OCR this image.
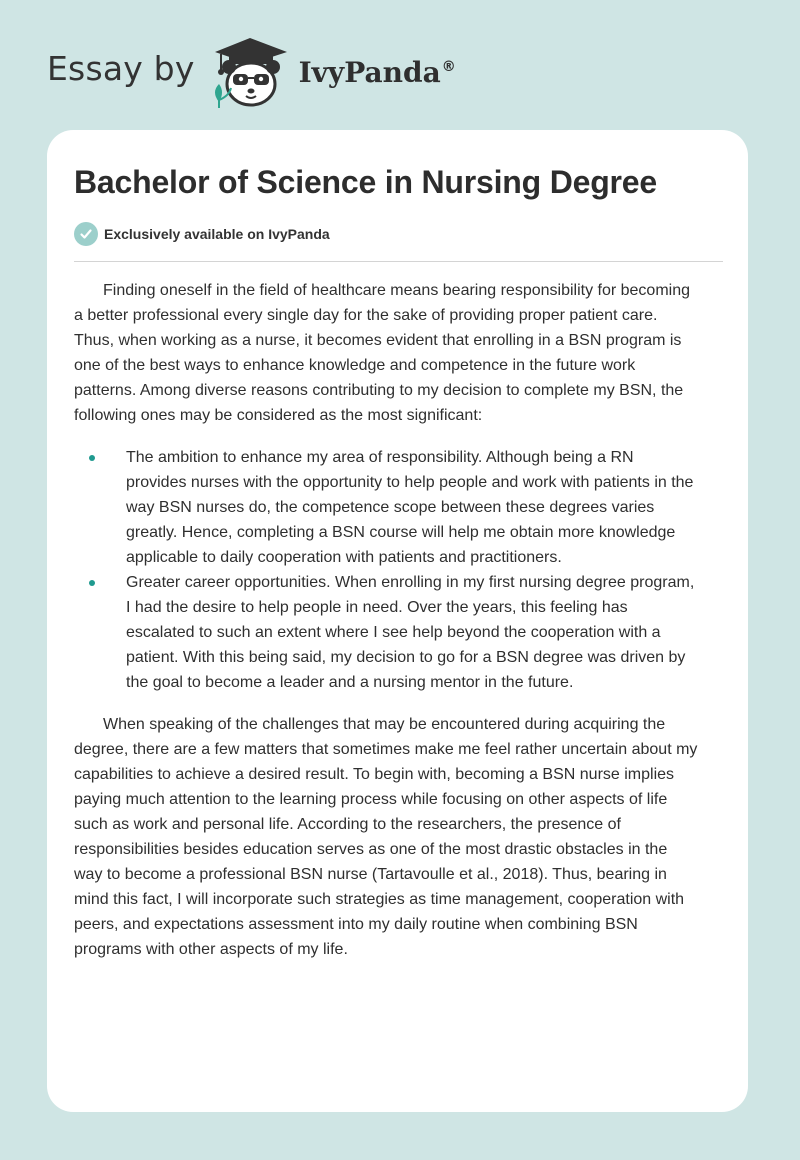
Essay by	IvyPanda®
Bachelor of Science in Nursing Degree
Exclusively available on IvyPanda

Finding oneself in the field of healthcare means bearing responsibility for becoming
a better professional every single day for the sake of providing proper patient care.
Thus, when working as a nurse, it becomes evident that enrolling in a BSN program is
one of the best ways to enhance knowledge and competence in the future work
patterns. Among diverse reasons contributing to my decision to complete my BSN, the
following ones may be considered as the most significant:

The ambition to enhance my area of responsibility. Although being a RN
provides nurses with the opportunity to help people and work with patients in the
way BSN nurses do, the competence scope between these degrees varies
greatly. Hence, completing a BSN course will help me obtain more knowledge
applicable to daily cooperation with patients and practitioners.
Greater career opportunities. When enrolling in my first nursing degree program,
I had the desire to help people in need. Over the years, this feeling has
escalated to such an extent where I see help beyond the cooperation with a
patient. With this being said, my decision to go for a BSN degree was driven by
the goal to become a leader and a nursing mentor in the future.

When speaking of the challenges that may be encountered during acquiring the
degree, there are a few matters that sometimes make me feel rather uncertain about my
capabilities to achieve a desired result. To begin with, becoming a BSN nurse implies
paying much attention to the learning process while focusing on other aspects of life
such as work and personal life. According to the researchers, the presence of
responsibilities besides education serves as one of the most drastic obstacles in the
way to become a professional BSN nurse (Tartavoulle et al., 2018). Thus, bearing in
mind this fact, I will incorporate such strategies as time management, cooperation with
peers, and expectations assessment into my daily routine when combining BSN
programs with other aspects of my life.
